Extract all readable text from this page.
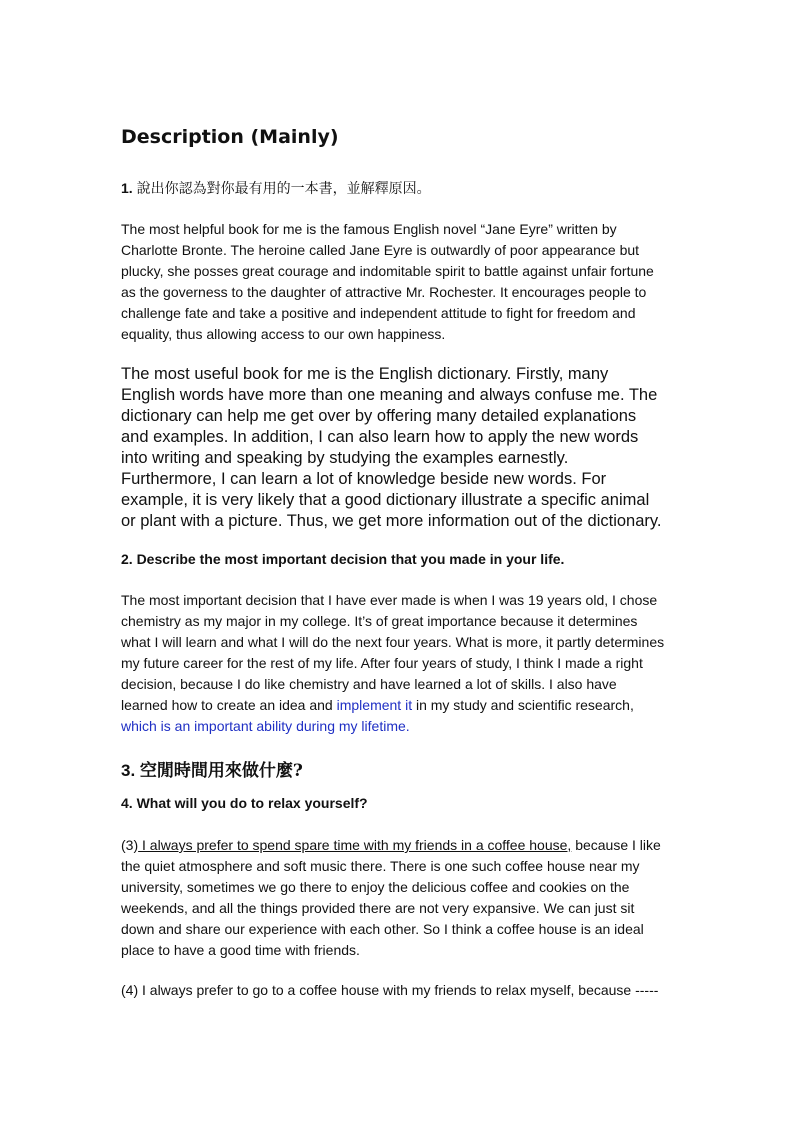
Description (Mainly)

1. 說出你認為對你最有用的一本書，並解釋原因。

The most helpful book for me is the famous English novel “Jane Eyre” written by Charlotte Bronte. The heroine called Jane Eyre is outwardly of poor appearance but plucky, she posses great courage and indomitable spirit to battle against unfair fortune as the governess to the daughter of attractive Mr. Rochester. It encourages people to challenge fate and take a positive and independent attitude to fight for freedom and equality, thus allowing access to our own happiness.

The most useful book for me is the English dictionary. Firstly, many English words have more than one meaning and always confuse me. The dictionary can help me get over by offering many detailed explanations and examples. In addition, I can also learn how to apply the new words into writing and speaking by studying the examples earnestly.

Furthermore, I can learn a lot of knowledge beside new words. For example, it is very likely that a good dictionary illustrate a specific animal or plant with a picture. Thus, we get more information out of the dictionary.

2. Describe the most important decision that you made in your life.

The most important decision that I have ever made is when I was 19 years old, I chose chemistry as my major in my college. It’s of great importance because it determines what I will learn and what I will do the next four years. What is more, it partly determines my future career for the rest of my life. After four years of study, I think I made a right decision, because I do like chemistry and have learned a lot of skills. I also have learned how to create an idea and implement it in my study and scientific research, which is an important ability during my lifetime.

3. 空閒時間用來做什麼?

4. What will you do to relax yourself?

(3) I always prefer to spend spare time with my friends in a coffee house, because I like the quiet atmosphere and soft music there. There is one such coffee house near my university, sometimes we go there to enjoy the delicious coffee and cookies on the weekends, and all the things provided there are not very expansive. We can just sit down and share our experience with each other. So I think a coffee house is an ideal place to have a good time with friends.

(4) I always prefer to go to a coffee house with my friends to relax myself, because -----
